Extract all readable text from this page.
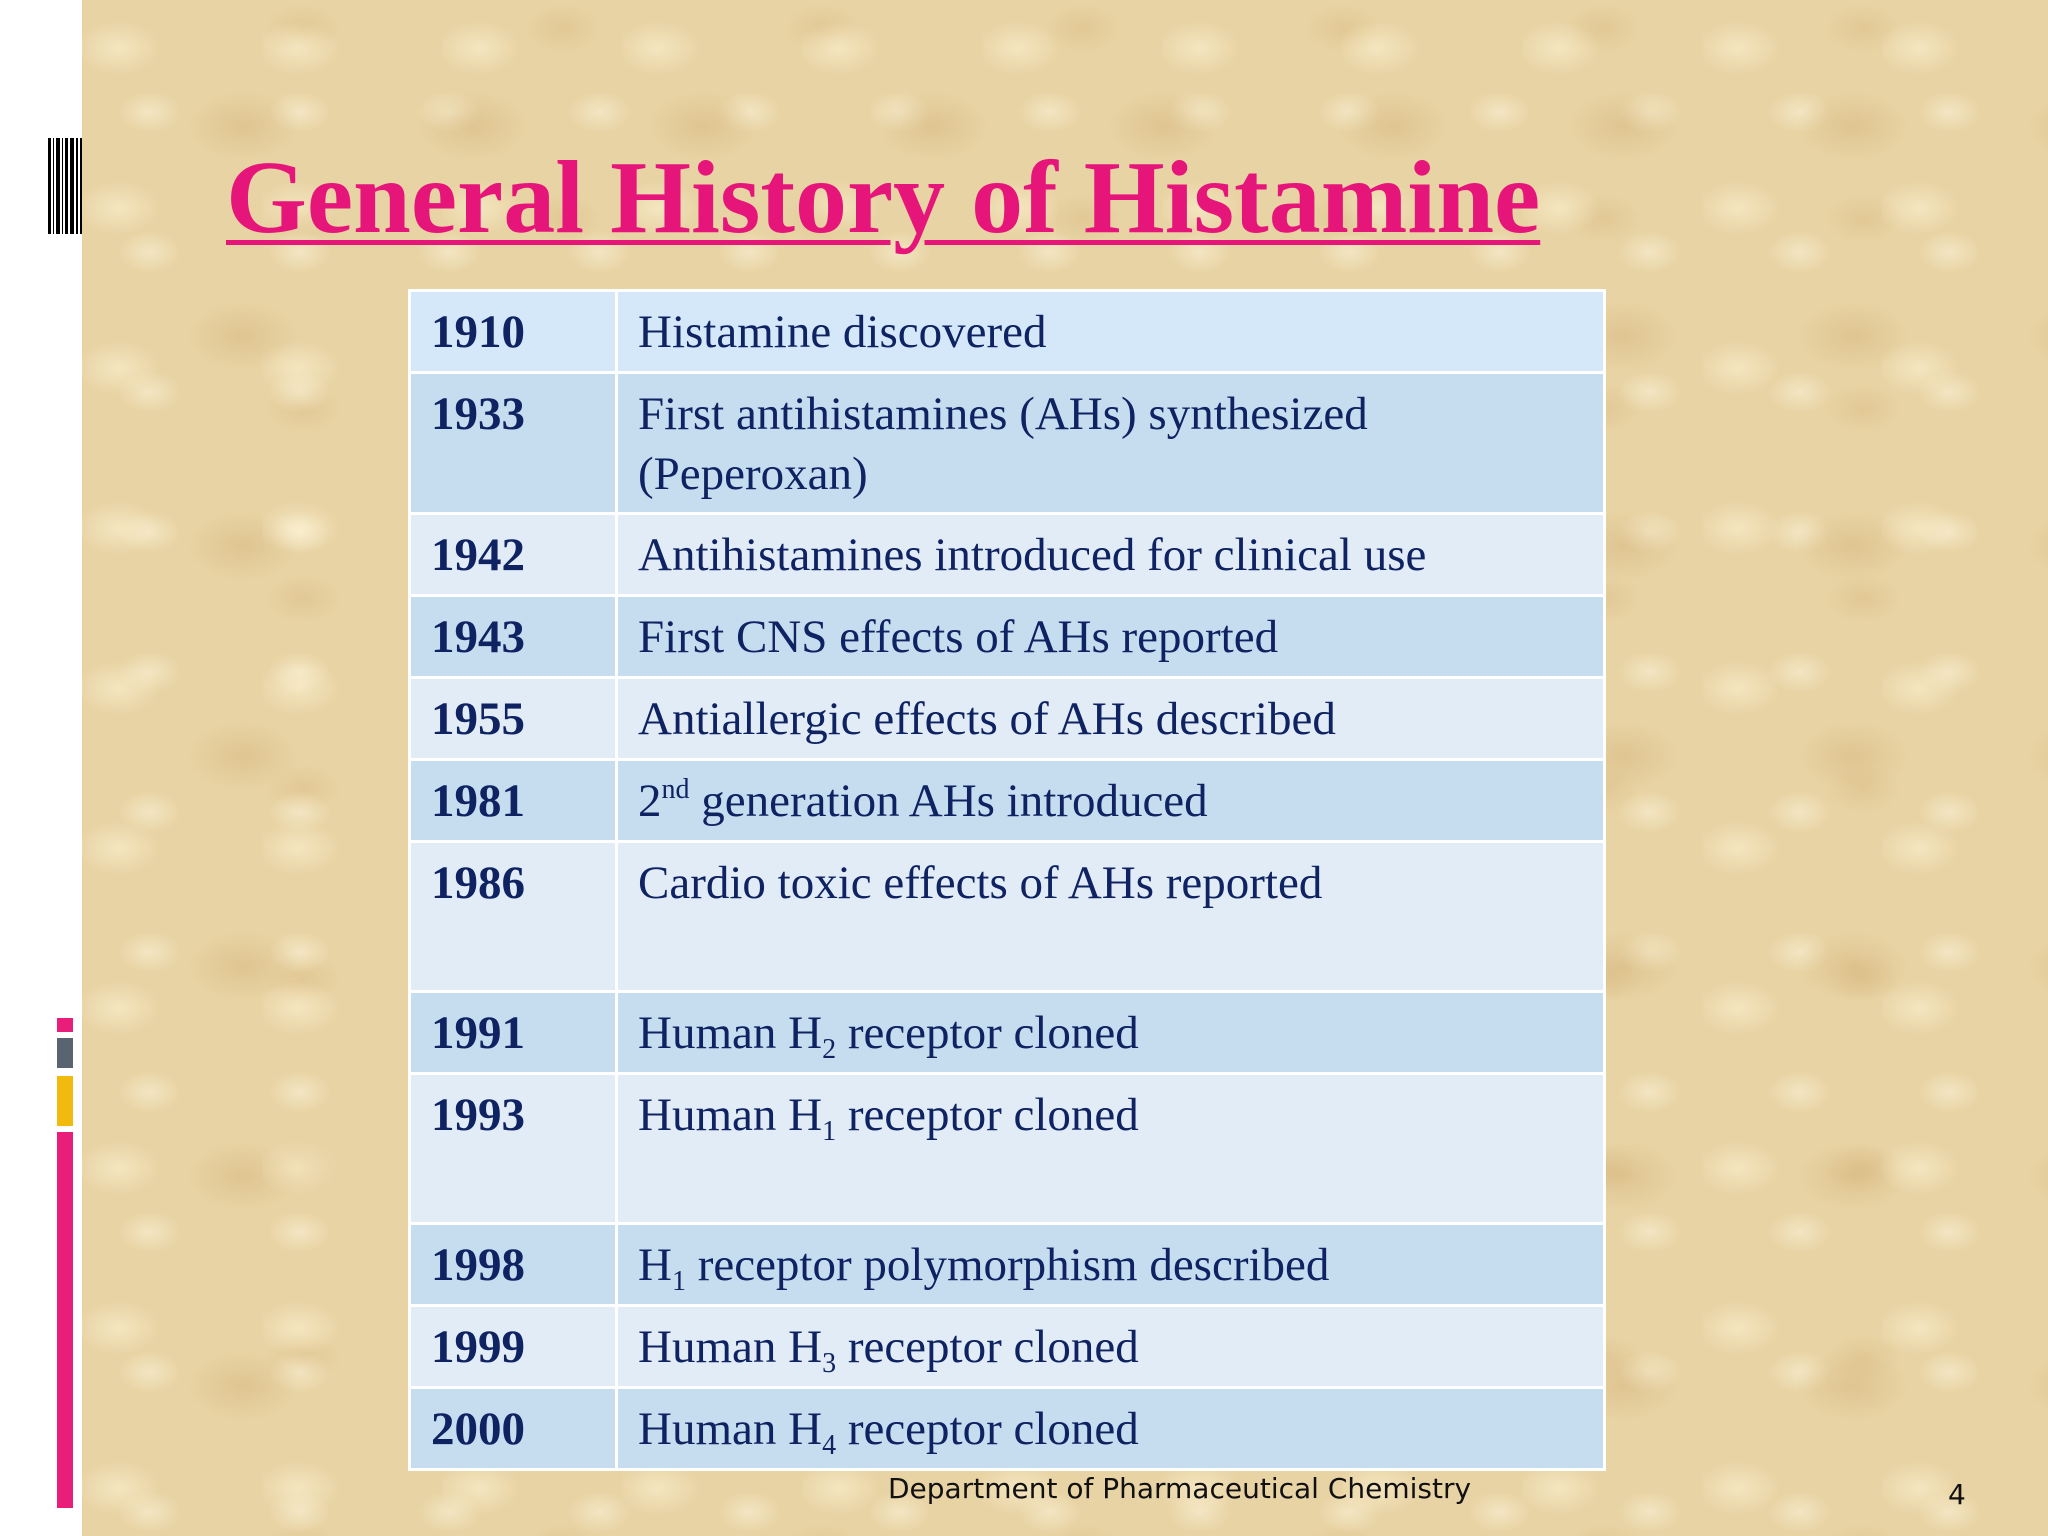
General History of Histamine
1910	Histamine discovered
1933	First antihistamines (AHs) synthesized (Peperoxan)
1942	Antihistamines introduced for clinical use
1943	First CNS effects of AHs reported
1955	Antiallergic effects of AHs described
1981	2nd generation AHs introduced
1986	Cardio toxic effects of AHs reported
1991	Human $H_2$ receptor cloned
1993	Human $H_1$ receptor cloned
1998	$H_1$ receptor polymorphism described
1999	Human $H_3$ receptor cloned
2000	Human $H_4$ receptor cloned
Department of Pharmaceutical Chemistry	4
